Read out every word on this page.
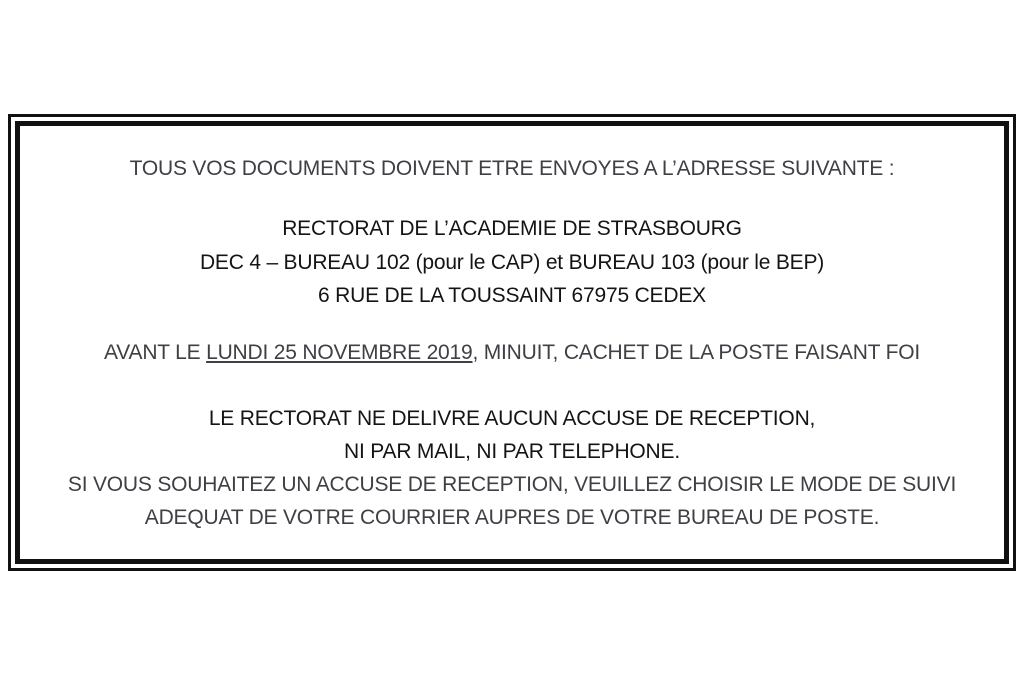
TOUS VOS DOCUMENTS DOIVENT ETRE ENVOYES A L’ADRESSE SUIVANTE :
RECTORAT DE L’ACADEMIE DE STRASBOURG
DEC 4 – BUREAU 102 (pour le CAP) et BUREAU 103 (pour le BEP)
6 RUE DE LA TOUSSAINT 67975 CEDEX
AVANT LE LUNDI 25 NOVEMBRE 2019, MINUIT, CACHET DE LA POSTE FAISANT FOI
LE RECTORAT NE DELIVRE AUCUN ACCUSE DE RECEPTION,
NI PAR MAIL, NI PAR TELEPHONE.
SI VOUS SOUHAITEZ UN ACCUSE DE RECEPTION, VEUILLEZ CHOISIR LE MODE DE SUIVI
ADEQUAT DE VOTRE COURRIER AUPRES DE VOTRE BUREAU DE POSTE.
